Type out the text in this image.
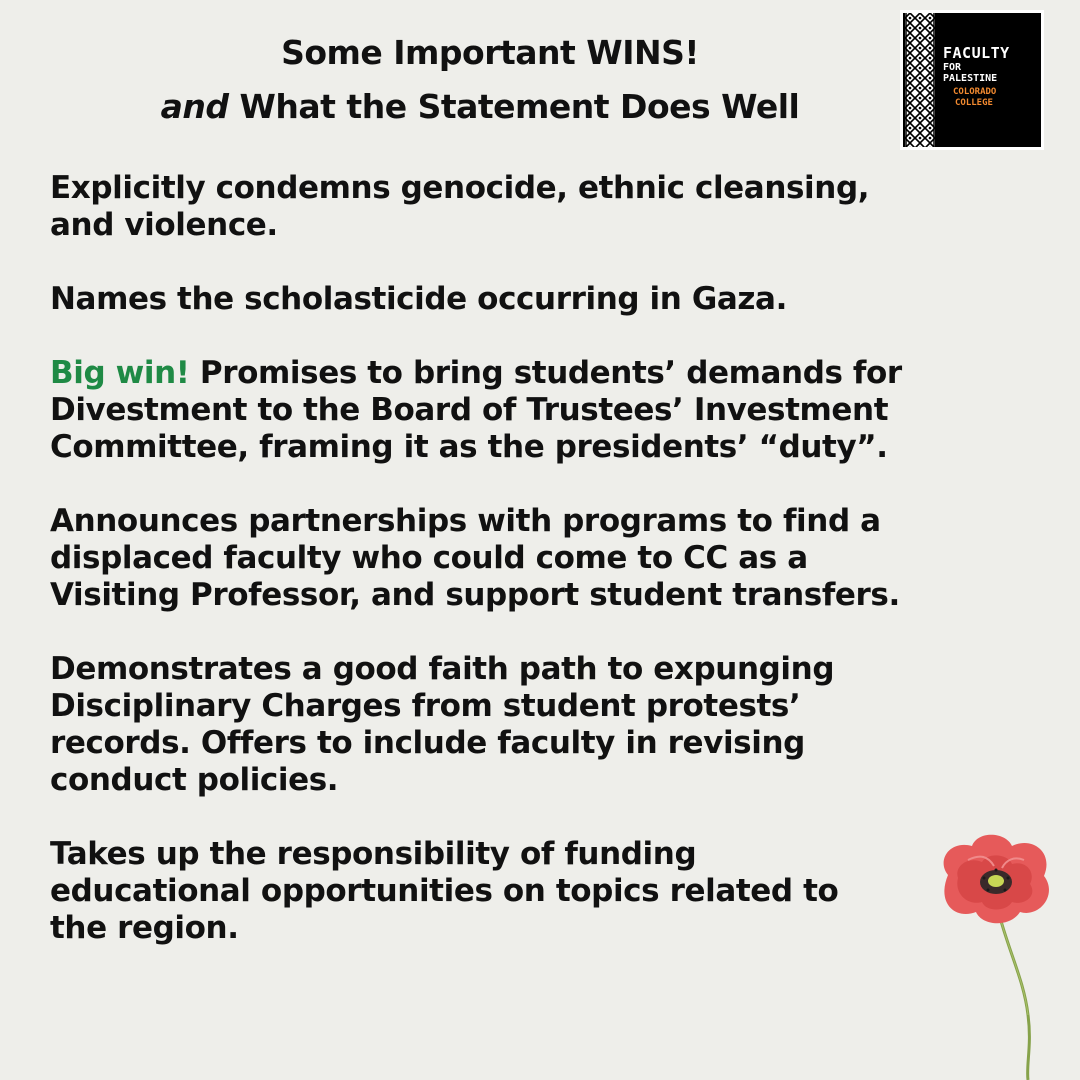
Some Important WINS!

and What the Statement Does Well
FACULTY
FOR
PALESTINE
COLORADO
COLLEGE

Explicitly condemns genocide, ethnic cleansing,
and violence.

Names the scholasticide occurring in Gaza.

Big win! Promises to bring students’ demands for
Divestment to the Board of Trustees’ Investment
Committee, framing it as the presidents’ “duty”.

Announces partnerships with programs to find a
displaced faculty who could come to CC as a
Visiting Professor, and support student transfers.

Demonstrates a good faith path to expunging
Disciplinary Charges from student protests’
records. Offers to include faculty in revising
conduct policies.

Takes up the responsibility of funding
educational opportunities on topics related to
the region.
